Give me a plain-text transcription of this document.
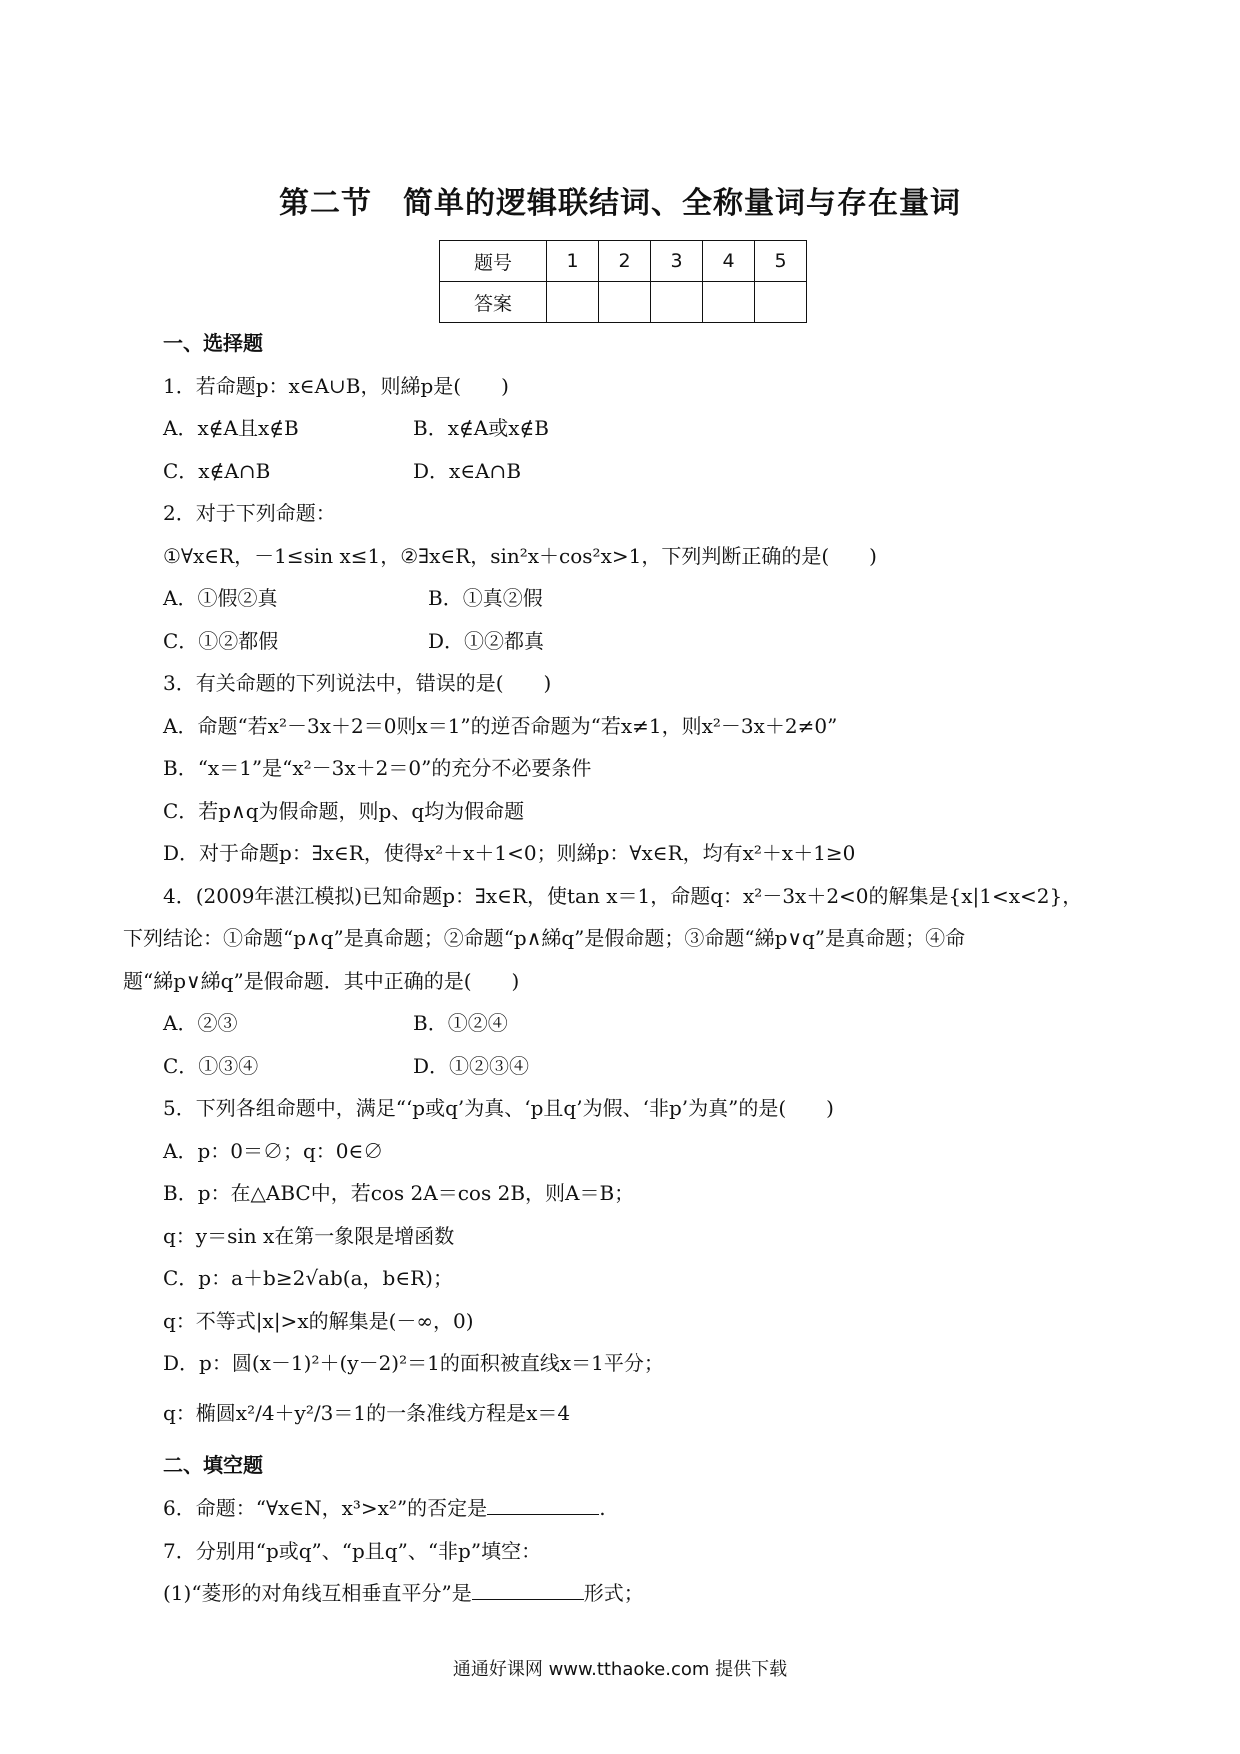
第二节　简单的逻辑联结词、全称量词与存在量词
题号	1	2	3	4	5
答案					
一、选择题
1．若命题p：x∈A∪B，则綈p是(　　)
A．x∉A且x∉B	B．x∉A或x∉B
C．x∉A∩B	D．x∈A∩B
2．对于下列命题：
①∀x∈R，－1≤sin x≤1，②∃x∈R，sin²x＋cos²x>1，下列判断正确的是(　　)
A．①假②真	B．①真②假
C．①②都假	D．①②都真
3．有关命题的下列说法中，错误的是(　　)
A．命题“若x²－3x＋2＝0则x＝1”的逆否命题为“若x≠1，则x²－3x＋2≠0”
B．“x＝1”是“x²－3x＋2＝0”的充分不必要条件
C．若p∧q为假命题，则p、q均为假命题
D．对于命题p：∃x∈R，使得x²＋x＋1<0；则綈p：∀x∈R，均有x²＋x＋1≥0
4．(2009年湛江模拟)已知命题p：∃x∈R，使tan x＝1，命题q：x²－3x＋2<0的解集是{x|1<x<2}，
下列结论：①命题“p∧q”是真命题；②命题“p∧綈q”是假命题；③命题“綈p∨q”是真命题；④命
题“綈p∨綈q”是假命题．其中正确的是(　　)
A．②③	B．①②④
C．①③④	D．①②③④
5．下列各组命题中，满足“‘p或q’为真、‘p且q’为假、‘非p’为真”的是(　　)
A．p：0＝∅；q：0∈∅
B．p：在△ABC中，若cos 2A＝cos 2B，则A＝B；
q：y＝sin x在第一象限是增函数
C．p：a＋b≥2√ab(a，b∈R)；
q：不等式|x|>x的解集是(－∞，0)
D．p：圆(x－1)²＋(y－2)²＝1的面积被直线x＝1平分；
q：椭圆x²/4＋y²/3＝1的一条准线方程是x＝4
二、填空题
6．命题：“∀x∈N，x³>x²”的否定是	.
7．分别用“p或q”、“p且q”、“非p”填空：
(1)“菱形的对角线互相垂直平分”是	形式；
通通好课网 www.tthaoke.com 提供下载
